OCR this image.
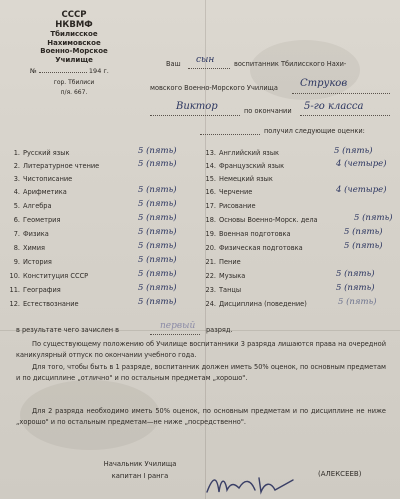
СССР
НКВМФ
Тбилисское
Нахимовское
Военно-Морское
Училище
№	194 г.
гор. Тбилиси
п/я. 667.
Ваш сын	воспитанник Тбилисского Нахи-
мовского Военно-Морского Училища Струков
Виктор	по окончании 5-го класса
получил следующие оценки:
1. Русский язык	5 (пять)
2. Литературное чтение	5 (пять)
3. Чистописание
4. Арифметика	5 (пять)
5. Алгебра	5 (пять)
6. Геометрия	5 (пять)
7. Физика	5 (пять)
8. Химия	5 (пять)
9. История	5 (пять)
10. Конституция СССР	5 (пять)
11. География	5 (пять)
12. Естествознание	5 (пять)
13. Английский язык	5 (пять)
14. Французский язык	4 (четыре)
15. Немецкий язык
16. Черчение	4 (четыре)
17. Рисование
18. Основы Военно-Морск. дела	5 (пять)
19. Военная подготовка	5 (пять)
20. Физическая подготовка	5 (пять)
21. Пение
22. Музыка	5 (пять)
23. Танцы	5 (пять)
24. Дисциплина (поведение)	5 (пять)
в результате чего зачислен в	первый разряд.
По существующему положению об Училище воспитанники 3 разряда лишаются права на очередной каникулярный отпуск по окончании учебного года.
Для того, чтобы быть в 1 разряде, воспитанник должен иметь 50% оценок, по основным предметам и по дисциплине „отлично" и по остальным предметам „хорошо".
Для 2 разряда необходимо иметь 50% оценок, по основным предметам и по дисциплине не ниже „хорошо" и по остальным предметам—не ниже „посредственно".
Начальник Училища
капитан I ранга	(АЛЕКСЕЕВ)
